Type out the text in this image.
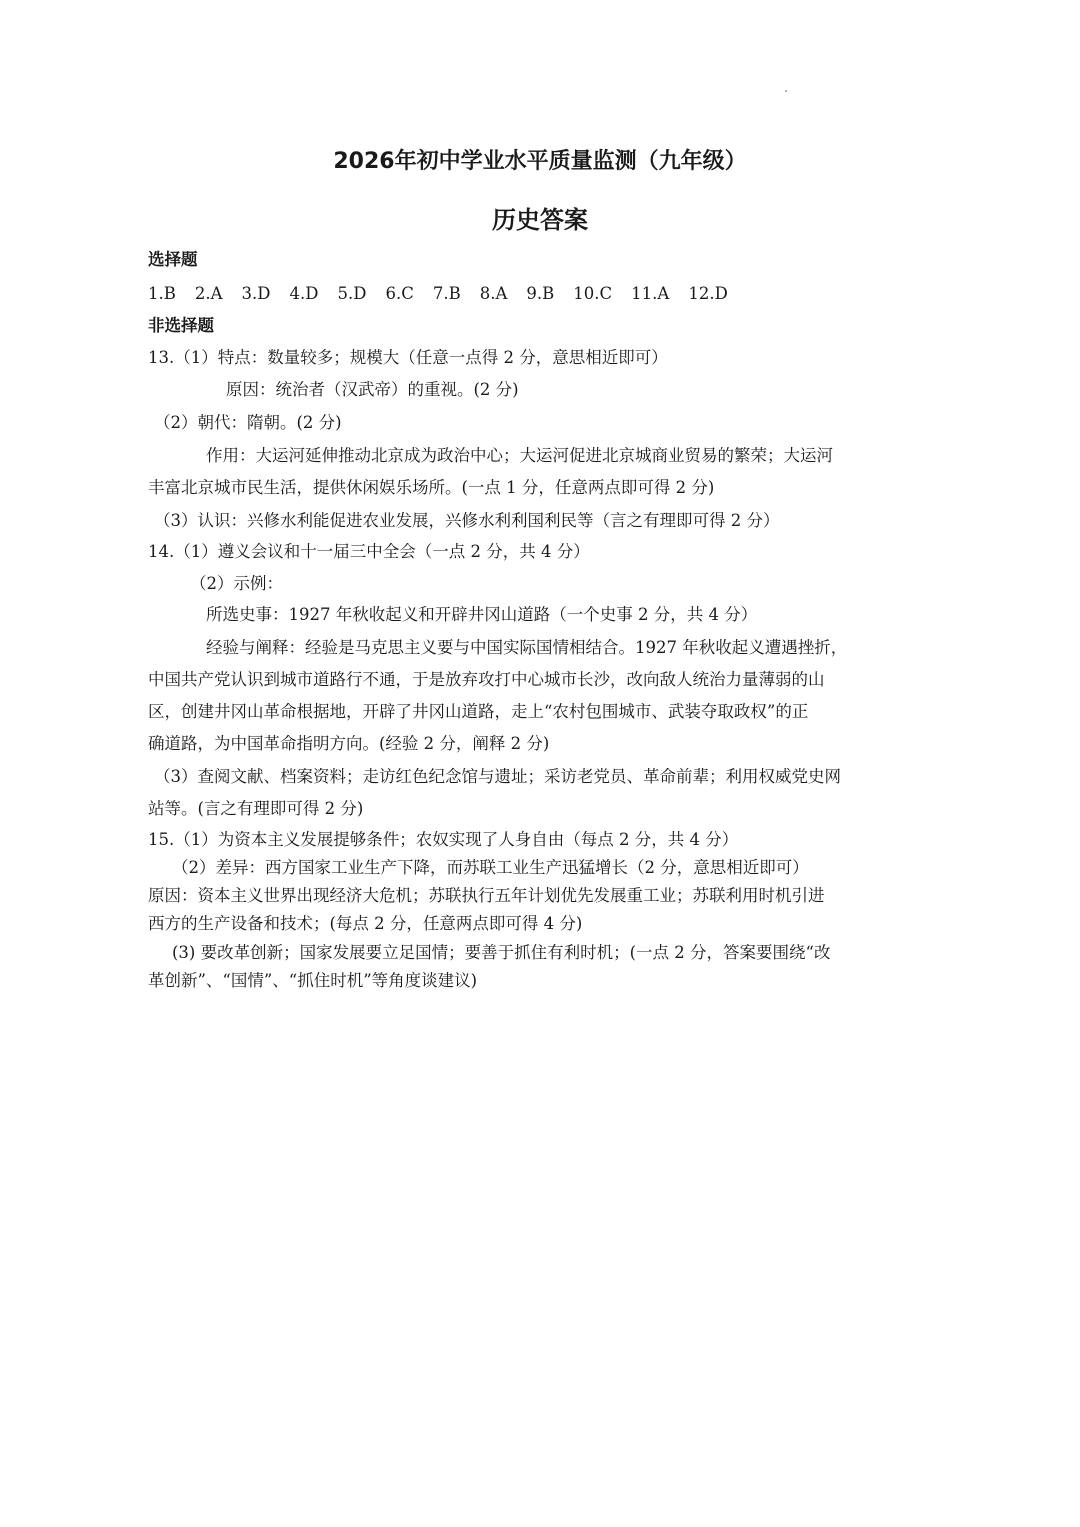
2026年初中学业水平质量监测（九年级）
历史答案
选择题
1.B 2.A 3.D 4.D 5.D 6.C 7.B 8.A 9.B 10.C 11.A 12.D
非选择题
13.（1）特点：数量较多；规模大（任意一点得 2 分，意思相近即可）
原因：统治者（汉武帝）的重视。(2 分)
（2）朝代：隋朝。(2 分)
作用：大运河延伸推动北京成为政治中心；大运河促进北京城商业贸易的繁荣；大运河
丰富北京城市民生活，提供休闲娱乐场所。(一点 1 分，任意两点即可得 2 分)
（3）认识：兴修水利能促进农业发展，兴修水利利国利民等（言之有理即可得 2 分）
14.（1）遵义会议和十一届三中全会（一点 2 分，共 4 分）
（2）示例：
所选史事：1927 年秋收起义和开辟井冈山道路（一个史事 2 分，共 4 分）
经验与阐释：经验是马克思主义要与中国实际国情相结合。1927 年秋收起义遭遇挫折，
中国共产党认识到城市道路行不通，于是放弃攻打中心城市长沙，改向敌人统治力量薄弱的山
区，创建井冈山革命根据地，开辟了井冈山道路，走上“农村包围城市、武装夺取政权”的正
确道路，为中国革命指明方向。(经验 2 分，阐释 2 分)
（3）查阅文献、档案资料；走访红色纪念馆与遗址；采访老党员、革命前辈；利用权威党史网
站等。(言之有理即可得 2 分)
15.（1）为资本主义发展提够条件；农奴实现了人身自由（每点 2 分，共 4 分）
（2）差异：西方国家工业生产下降，而苏联工业生产迅猛增长（2 分，意思相近即可）
原因：资本主义世界出现经济大危机；苏联执行五年计划优先发展重工业；苏联利用时机引进
西方的生产设备和技术；(每点 2 分，任意两点即可得 4 分)
(3) 要改革创新；国家发展要立足国情；要善于抓住有利时机；(一点 2 分，答案要围绕“改
革创新”、“国情”、“抓住时机”等角度谈建议)
